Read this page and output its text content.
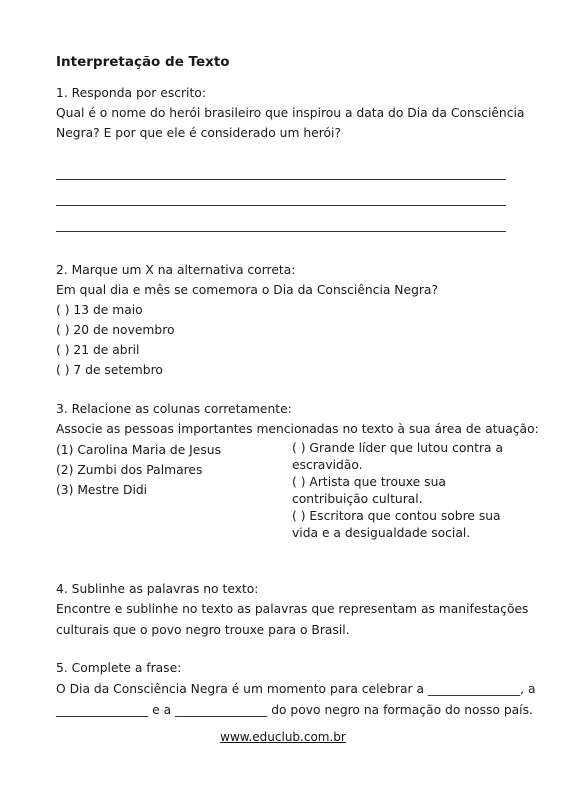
Interpretação de Texto
1. Responda por escrito:
Qual é o nome do herói brasileiro que inspirou a data do Dia da Consciência
Negra? E por que ele é considerado um herói?
2. Marque um X na alternativa correta:
Em qual dia e mês se comemora o Dia da Consciência Negra?
( ) 13 de maio
( ) 20 de novembro
( ) 21 de abril
( ) 7 de setembro
3. Relacione as colunas corretamente:
Associe as pessoas importantes mencionadas no texto à sua área de atuação:
(1) Carolina Maria de Jesus
(2) Zumbi dos Palmares
(3) Mestre Didi
( ) Grande líder que lutou contra a escravidão.
( ) Artista que trouxe sua contribuição cultural.
( ) Escritora que contou sobre sua vida e a desigualdade social.
4. Sublinhe as palavras no texto:
Encontre e sublinhe no texto as palavras que representam as manifestações
culturais que o povo negro trouxe para o Brasil.
5. Complete a frase:
O Dia da Consciência Negra é um momento para celebrar a _______________, a
_______________ e a _______________ do povo negro na formação do nosso país.
www.educlub.com.br
